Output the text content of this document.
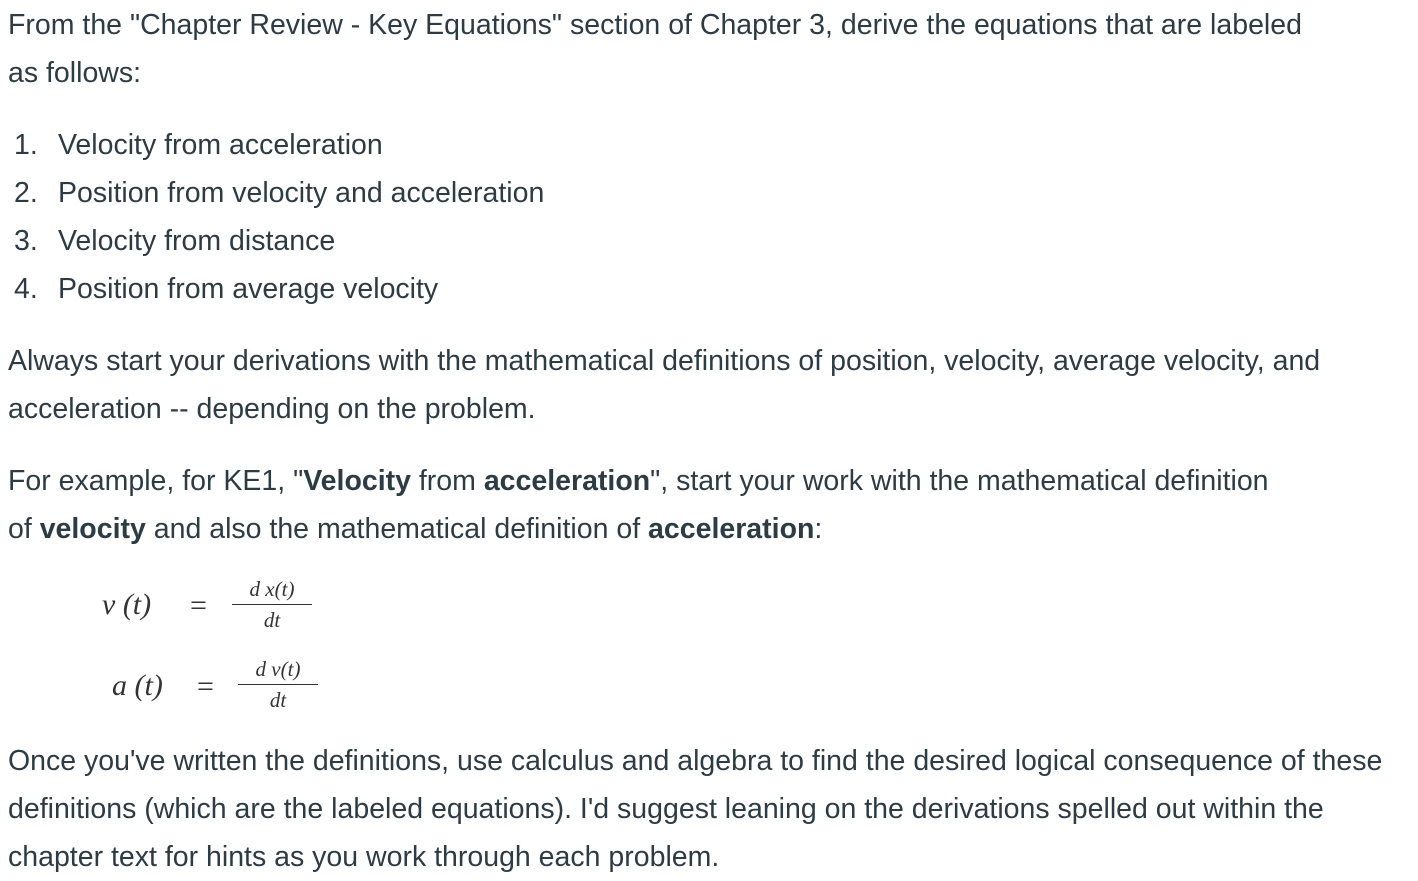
From the "Chapter Review - Key Equations" section of Chapter 3, derive the equations that are labeled as follows:

1. Velocity from acceleration
2. Position from velocity and acceleration
3. Velocity from distance
4. Position from average velocity

Always start your derivations with the mathematical definitions of position, velocity, average velocity, and acceleration -- depending on the problem.

For example, for KE1, "Velocity from acceleration", start your work with the mathematical definition
of velocity and also the mathematical definition of acceleration:

Once you've written the definitions, use calculus and algebra to find the desired logical consequence of these definitions (which are the labeled equations). I'd suggest leaning on the derivations spelled out within the chapter text for hints as you work through each problem.

v (t) =	d x(t)
dt
a (t) =
d v(t)
dt
